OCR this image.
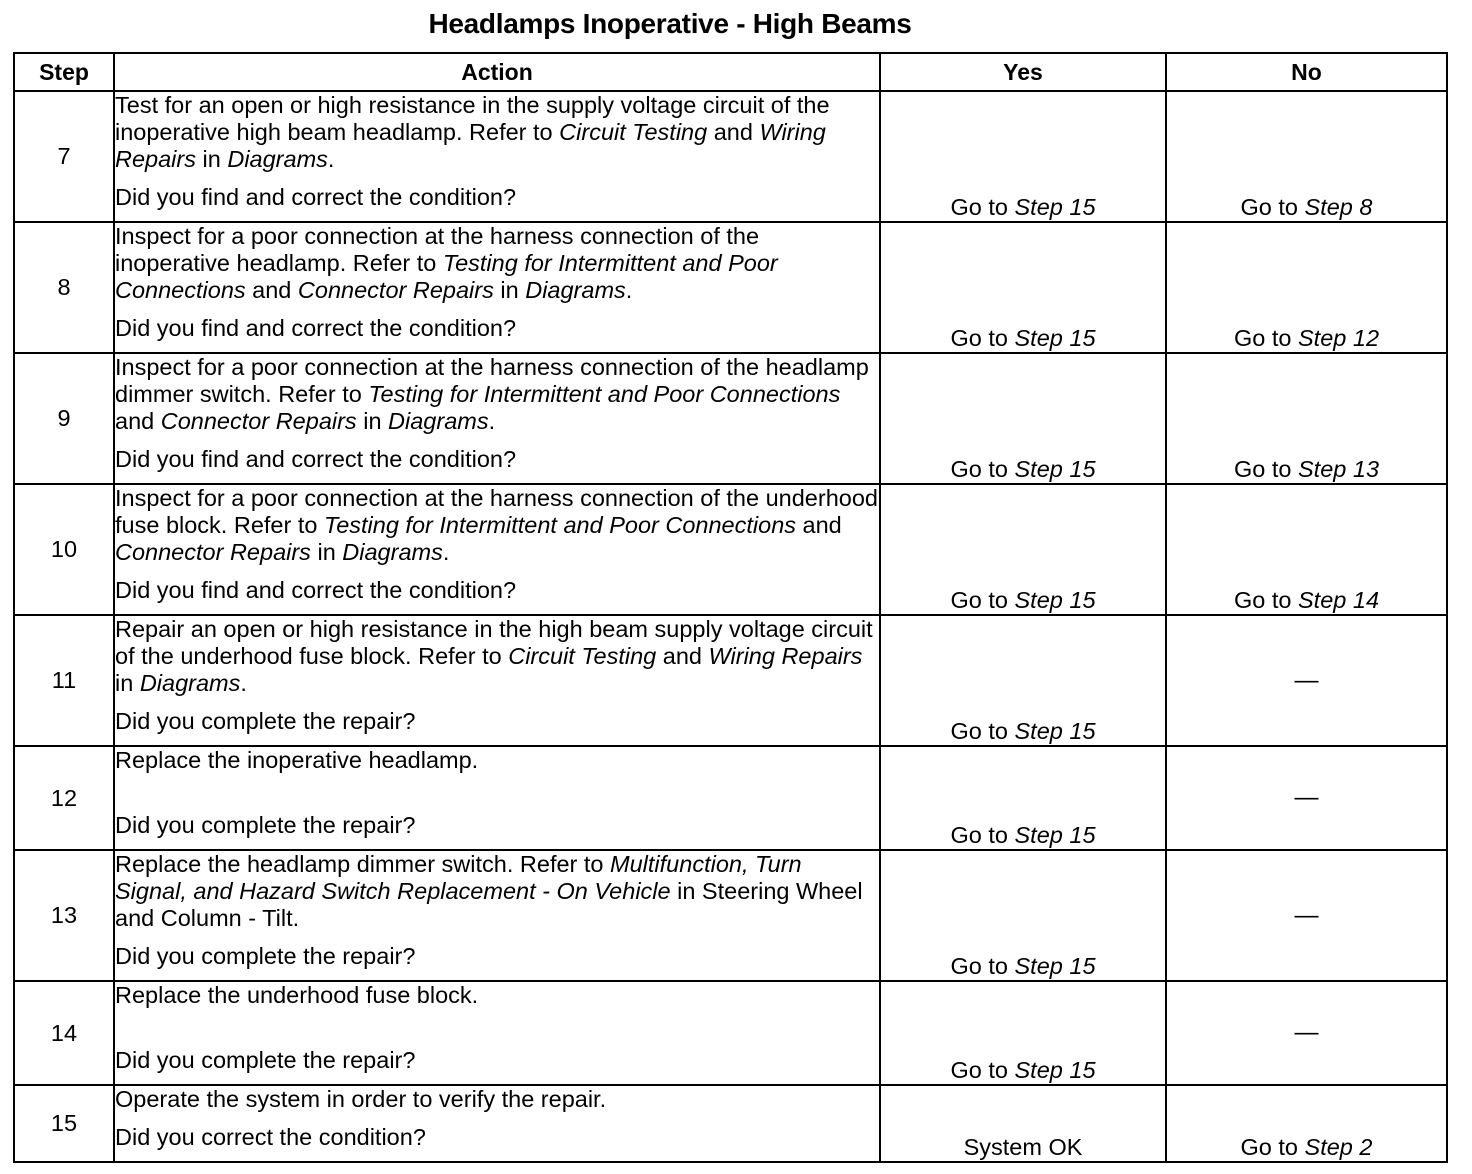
Headlamps Inoperative - High Beams
Step	Action	Yes	No
7	Test for an open or high resistance in the supply voltage circuit of the inoperative high beam headlamp. Refer to Circuit Testing and Wiring Repairs in Diagrams.

Did you find and correct the condition?	Go to Step 15	Go to Step 8
8	Inspect for a poor connection at the harness connection of the inoperative headlamp. Refer to Testing for Intermittent and Poor Connections and Connector Repairs in Diagrams.

Did you find and correct the condition?	Go to Step 15	Go to Step 12
9	Inspect for a poor connection at the harness connection of the headlamp dimmer switch. Refer to Testing for Intermittent and Poor Connections and Connector Repairs in Diagrams.

Did you find and correct the condition?	Go to Step 15	Go to Step 13
10	Inspect for a poor connection at the harness connection of the underhood fuse block. Refer to Testing for Intermittent and Poor Connections and Connector Repairs in Diagrams.

Did you find and correct the condition?	Go to Step 15	Go to Step 14
11	Repair an open or high resistance in the high beam supply voltage circuit of the underhood fuse block. Refer to Circuit Testing and Wiring Repairs in Diagrams.

Did you complete the repair?	Go to Step 15	—
12	Replace the inoperative headlamp.

Did you complete the repair?	Go to Step 15	—
13	Replace the headlamp dimmer switch. Refer to Multifunction, Turn Signal, and Hazard Switch Replacement - On Vehicle in Steering Wheel and Column - Tilt.

Did you complete the repair?	Go to Step 15	—
14	Replace the underhood fuse block.

Did you complete the repair?	Go to Step 15	—
15	Operate the system in order to verify the repair.

Did you correct the condition?	System OK	Go to Step 2
